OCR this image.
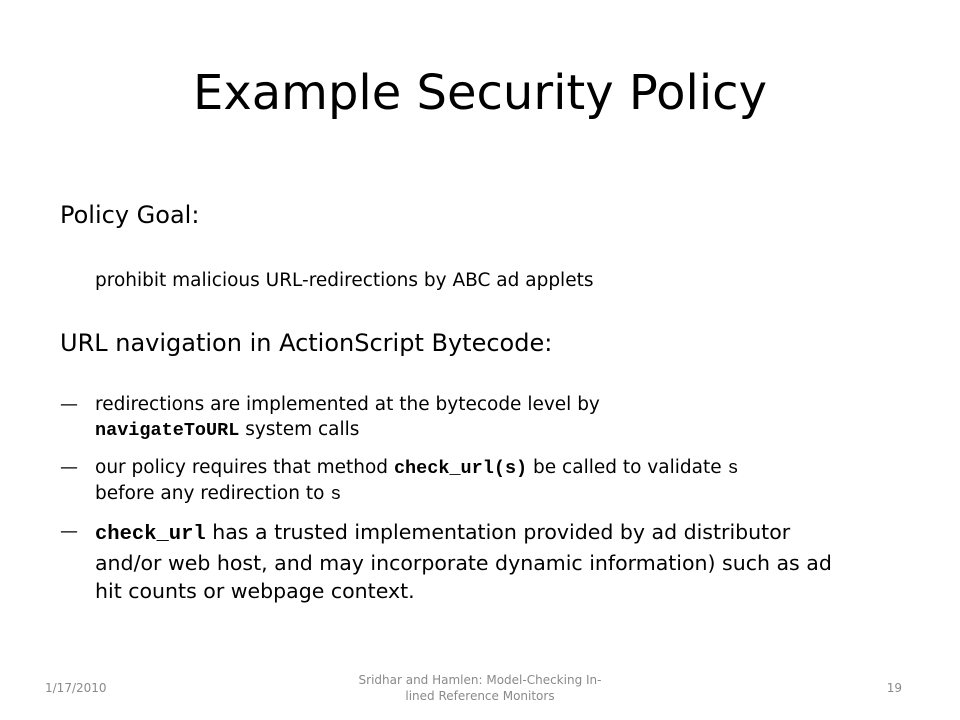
Example Security Policy
Policy Goal:
prohibit malicious URL-redirections by ABC ad applets
URL navigation in ActionScript Bytecode:
— redirections are implemented at the bytecode level by
navigateToURL system calls
— our policy requires that method check_url(s) be called to validate s
before any redirection to s
— check_url has a trusted implementation provided by ad distributor
and/or web host, and may incorporate dynamic information) such as ad
hit counts or webpage context.
1/17/2010
Sridhar and Hamlen: Model-Checking In-
lined Reference Monitors
19
